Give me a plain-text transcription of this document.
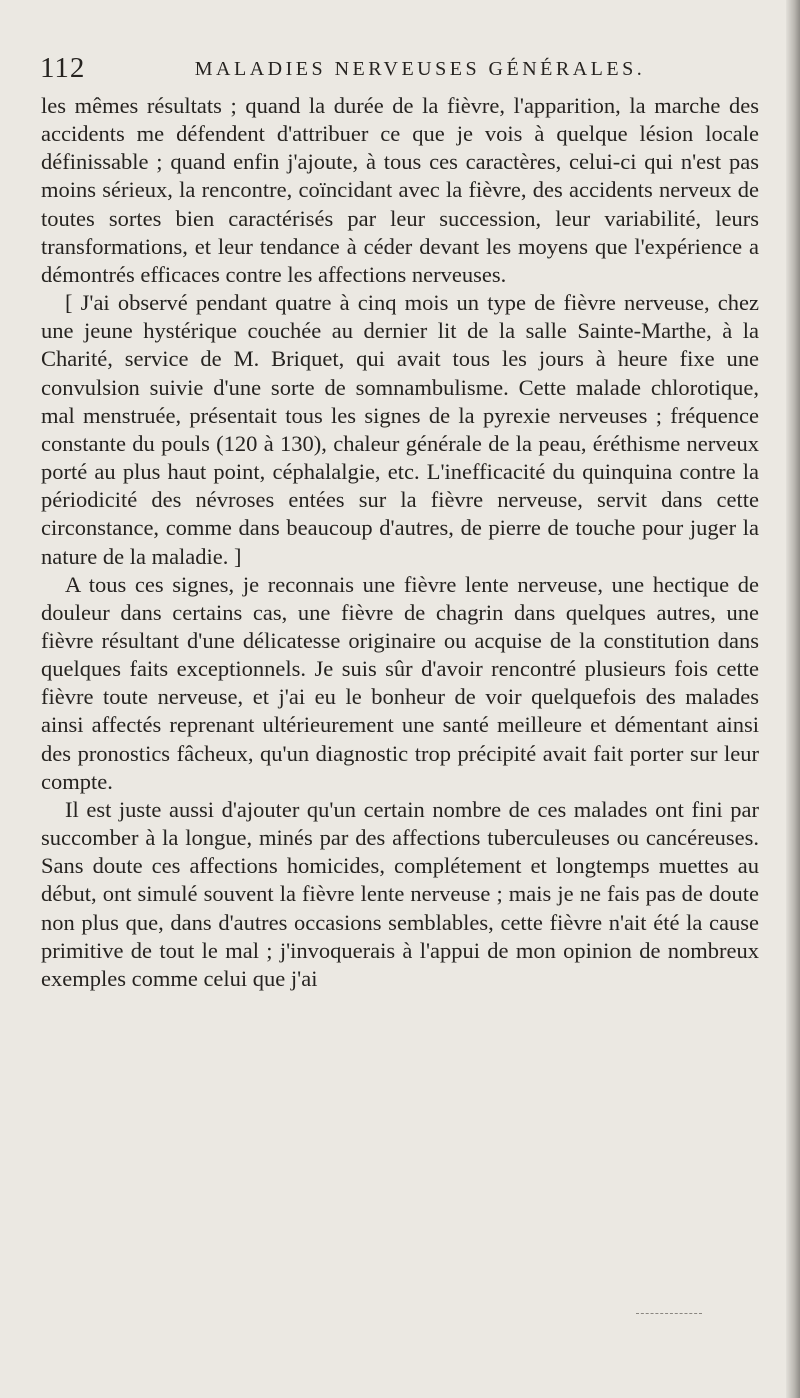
112	MALADIES NERVEUSES GÉNÉRALES.

les mêmes résultats ; quand la durée de la fièvre, l'apparition, la marche des accidents me défendent d'attribuer ce que je vois à quelque lésion locale définissable ; quand enfin j'ajoute, à tous ces caractères, celui-ci qui n'est pas moins sérieux, la rencontre, coïncidant avec la fièvre, des accidents nerveux de toutes sortes bien caractérisés par leur succession, leur variabilité, leurs transformations, et leur tendance à céder devant les moyens que l'expérience a démontrés efficaces contre les affections nerveuses.

[ J'ai observé pendant quatre à cinq mois un type de fièvre nerveuse, chez une jeune hystérique couchée au dernier lit de la salle Sainte-Marthe, à la Charité, service de M. Briquet, qui avait tous les jours à heure fixe une convulsion suivie d'une sorte de somnambulisme. Cette malade chlorotique, mal menstruée, présentait tous les signes de la pyrexie nerveuses ; fréquence constante du pouls (120 à 130), chaleur générale de la peau, éréthisme nerveux porté au plus haut point, céphalalgie, etc. L'inefficacité du quinquina contre la périodicité des névroses entées sur la fièvre nerveuse, servit dans cette circonstance, comme dans beaucoup d'autres, de pierre de touche pour juger la nature de la maladie. ]

A tous ces signes, je reconnais une fièvre lente nerveuse, une hectique de douleur dans certains cas, une fièvre de chagrin dans quelques autres, une fièvre résultant d'une délicatesse originaire ou acquise de la constitution dans quelques faits exceptionnels. Je suis sûr d'avoir rencontré plusieurs fois cette fièvre toute nerveuse, et j'ai eu le bonheur de voir quelquefois des malades ainsi affectés reprenant ultérieurement une santé meilleure et démentant ainsi des pronostics fâcheux, qu'un diagnostic trop précipité avait fait porter sur leur compte.

Il est juste aussi d'ajouter qu'un certain nombre de ces malades ont fini par succomber à la longue, minés par des affections tuberculeuses ou cancéreuses. Sans doute ces affections homicides, complétement et longtemps muettes au début, ont simulé souvent la fièvre lente nerveuse ; mais je ne fais pas de doute non plus que, dans d'autres occasions semblables, cette fièvre n'ait été la cause primitive de tout le mal ; j'invoquerais à l'appui de mon opinion de nombreux exemples comme celui que j'ai
